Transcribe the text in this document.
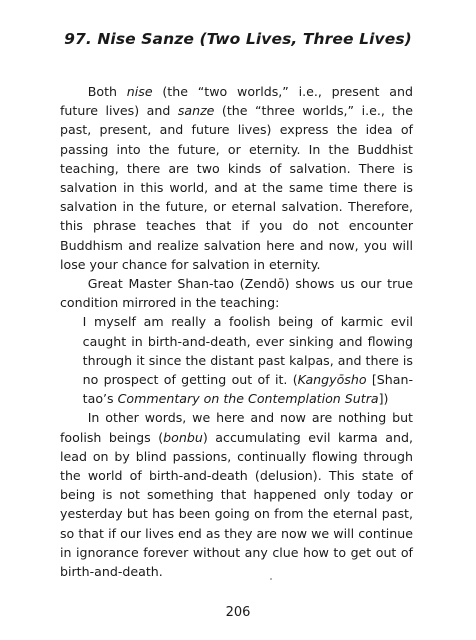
97. Nise Sanze (Two Lives, Three Lives)

Both nise (the “two worlds,” i.e., present and future lives) and sanze (the “three worlds,” i.e., the past, present, and future lives) express the idea of passing into the future, or eternity. In the Buddhist teaching, there are two kinds of salvation. There is salvation in this world, and at the same time there is salvation in the future, or eternal salvation. Therefore, this phrase teaches that if you do not encounter Buddhism and realize salvation here and now, you will lose your chance for salvation in eternity.

Great Master Shan-tao (Zendō) shows us our true condition mirrored in the teaching:

I myself am really a foolish being of karmic evil caught in birth-and-death, ever sinking and flowing through it since the distant past kalpas, and there is no prospect of getting out of it. (Kangyōsho [Shan-tao’s Commentary on the Contemplation Sutra])

In other words, we here and now are nothing but foolish beings (bonbu) accumulating evil karma and, lead on by blind passions, continually flowing through the world of birth-and-death (delusion). This state of being is not something that happened only today or yesterday but has been going on from the eternal past, so that if our lives end as they are now we will continue in ignorance forever without any clue how to get out of birth-and-death.

206
